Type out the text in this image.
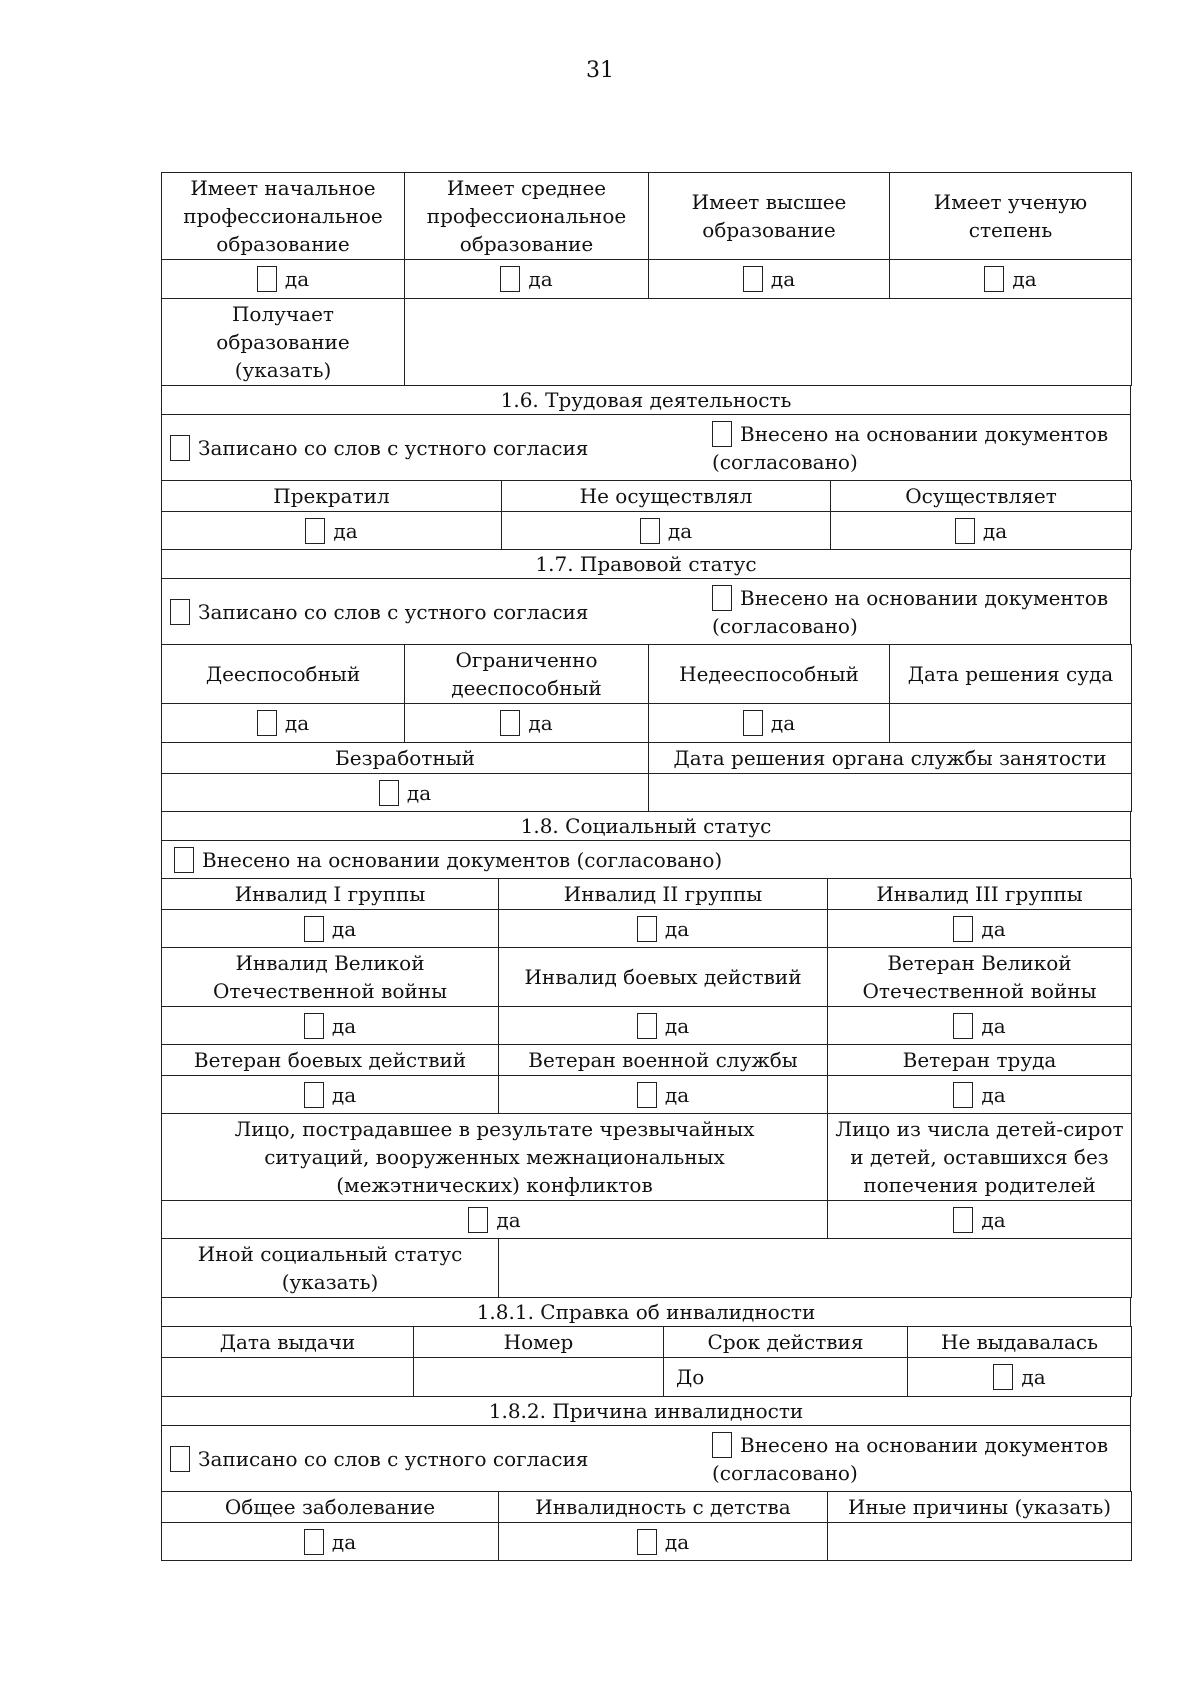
31
Имеет начальное профессиональное образование	Имеет среднее профессиональное образование	Имеет высшее образование	Имеет ученую степень
да	да	да	да
Получает образование (указать)	
1.6. Трудовая деятельность

Записано со слов с устного согласия
Внесено на основании документов (согласовано)
Прекратил	Не осуществлял	Осуществляет
да	да	да
1.7. Правовой статус

Записано со слов с устного согласия
Внесено на основании документов (согласовано)
Дееспособный	Ограниченно дееспособный	Недееспособный	Дата решения суда
да	да	да	
Безработный	Дата решения органа службы занятости
да	
1.8. Социальный статус
Внесено на основании документов (согласовано)
Инвалид I группы	Инвалид II группы	Инвалид III группы
да	да	да
Инвалид Великой Отечественной войны	Инвалид боевых действий	Ветеран Великой Отечественной войны
да	да	да
Ветеран боевых действий	Ветеран военной службы	Ветеран труда
да	да	да
Лицо, пострадавшее в результате чрезвычайных ситуаций, вооруженных межнациональных (межэтнических) конфликтов	Лицо из числа детей-сирот и детей, оставшихся без попечения родителей
да	да
Иной социальный статус (указать)	
1.8.1. Справка об инвалидности
Дата выдачи	Номер	Срок действия	Не выдавалась
		До	да
1.8.2. Причина инвалидности

Записано со слов с устного согласия
Внесено на основании документов (согласовано)
Общее заболевание	Инвалидность с детства	Иные причины (указать)
да	да	
